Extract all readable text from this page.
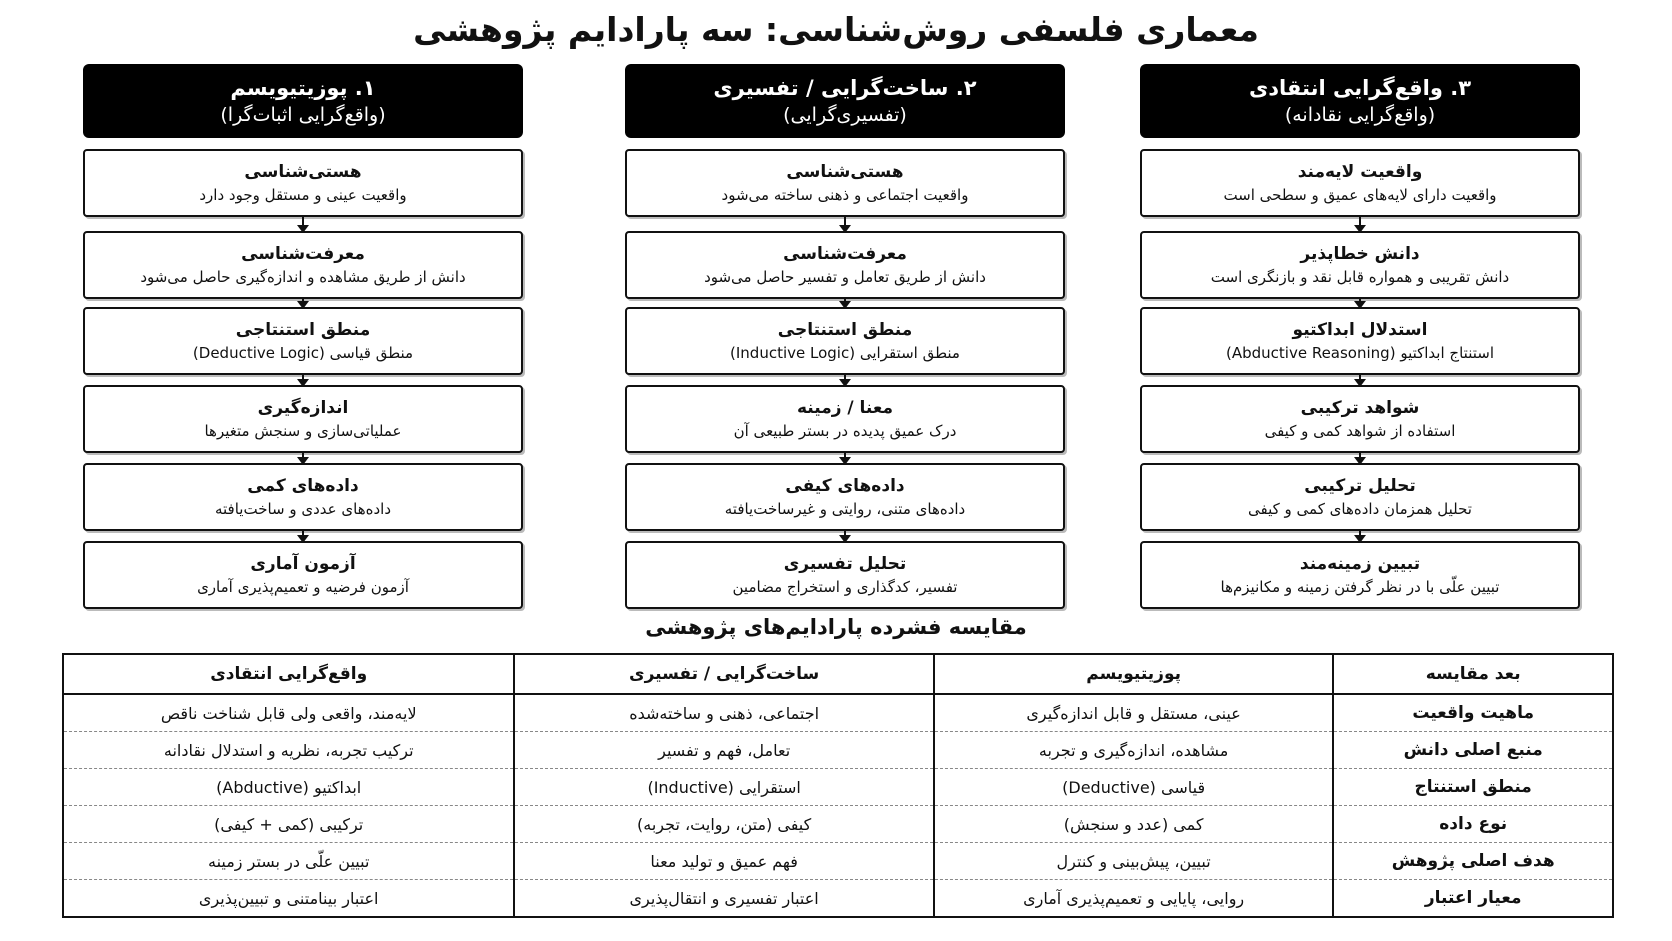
معماری فلسفی روش‌شناسی: سه پارادایم پژوهشی
۳. واقع‌گرایی انتقادی
(واقع‌گرایی نقادانه)
واقعیت لایه‌مند
واقعیت دارای لایه‌های عمیق و سطحی است
دانش خطاپذیر
دانش تقریبی و همواره قابل نقد و بازنگری است
استدلال ابداکتیو
استنتاج ابداکتیو (Abductive Reasoning)
شواهد ترکیبی
استفاده از شواهد کمی و کیفی
تحلیل ترکیبی
تحلیل همزمان داده‌های کمی و کیفی
تبیین زمینه‌مند
تبیین علّی با در نظر گرفتن زمینه و مکانیزم‌ها
۲. ساخت‌گرایی / تفسیری
(تفسیری‌گرایی)
هستی‌شناسی
واقعیت اجتماعی و ذهنی ساخته می‌شود
معرفت‌شناسی
دانش از طریق تعامل و تفسیر حاصل می‌شود
منطق استنتاجی
منطق استقرایی (Inductive Logic)
معنا / زمینه
درک عمیق پدیده در بستر طبیعی آن
داده‌های کیفی
داده‌های متنی، روایتی و غیرساخت‌یافته
تحلیل تفسیری
تفسیر، کدگذاری و استخراج مضامین
۱. پوزیتیویسم
(واقع‌گرایی اثبات‌گرا)
هستی‌شناسی
واقعیت عینی و مستقل وجود دارد
معرفت‌شناسی
دانش از طریق مشاهده و اندازه‌گیری حاصل می‌شود
منطق استنتاجی
منطق قیاسی (Deductive Logic)
اندازه‌گیری
عملیاتی‌سازی و سنجش متغیرها
داده‌های کمی
داده‌های عددی و ساخت‌یافته
آزمون آماری
آزمون فرضیه و تعمیم‌پذیری آماری
مقایسه فشرده پارادایم‌های پژوهشی
بعد مقایسه	پوزیتیویسم	ساخت‌گرایی / تفسیری	واقع‌گرایی انتقادی
ماهیت واقعیت	عینی، مستقل و قابل اندازه‌گیری	اجتماعی، ذهنی و ساخته‌شده	لایه‌مند، واقعی ولی قابل شناخت ناقص
منبع اصلی دانش	مشاهده، اندازه‌گیری و تجربه	تعامل، فهم و تفسیر	ترکیب تجربه، نظریه و استدلال نقادانه
منطق استنتاج	قیاسی (Deductive)	استقرایی (Inductive)	ابداکتیو (Abductive)
نوع داده	کمی (عدد و سنجش)	کیفی (متن، روایت، تجربه)	ترکیبی (کمی + کیفی)
هدف اصلی پژوهش	تبیین، پیش‌بینی و کنترل	فهم عمیق و تولید معنا	تبیین علّی در بستر زمینه
معیار اعتبار	روایی، پایایی و تعمیم‌پذیری آماری	اعتبار تفسیری و انتقال‌پذیری	اعتبار بینامتنی و تبیین‌پذیری
